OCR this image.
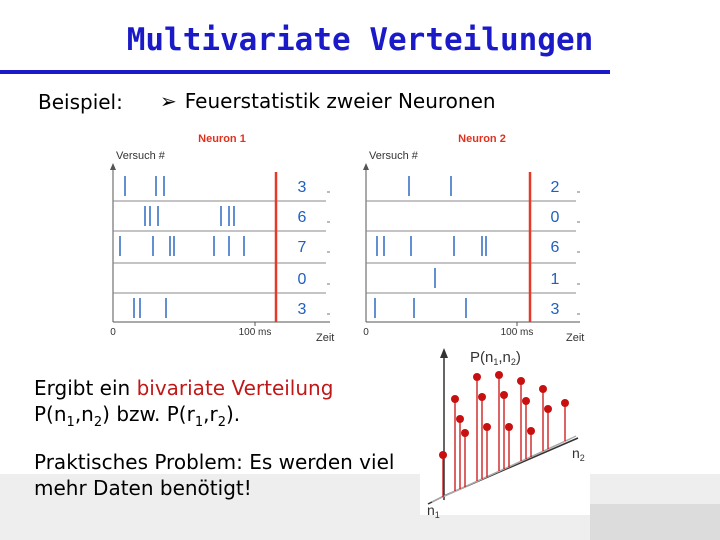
Multivariate Verteilungen
Beispiel: ➢ Feuerstatistik zweier Neuronen
Versuch #
Neuron 1
0	100 ms	Zeit
3
6
7
0
3
Versuch #
Neuron 2
0	100 ms	Zeit
2
0
6
1
3
$P(n_1,n_2)$
$n_2$
$n_1$
Ergibt ein bivariate Verteilung
$P(n_1,n_2)$ bzw. $P(r_1,r_2)$.
Praktisches Problem: Es werden viel mehr Daten benötigt!
